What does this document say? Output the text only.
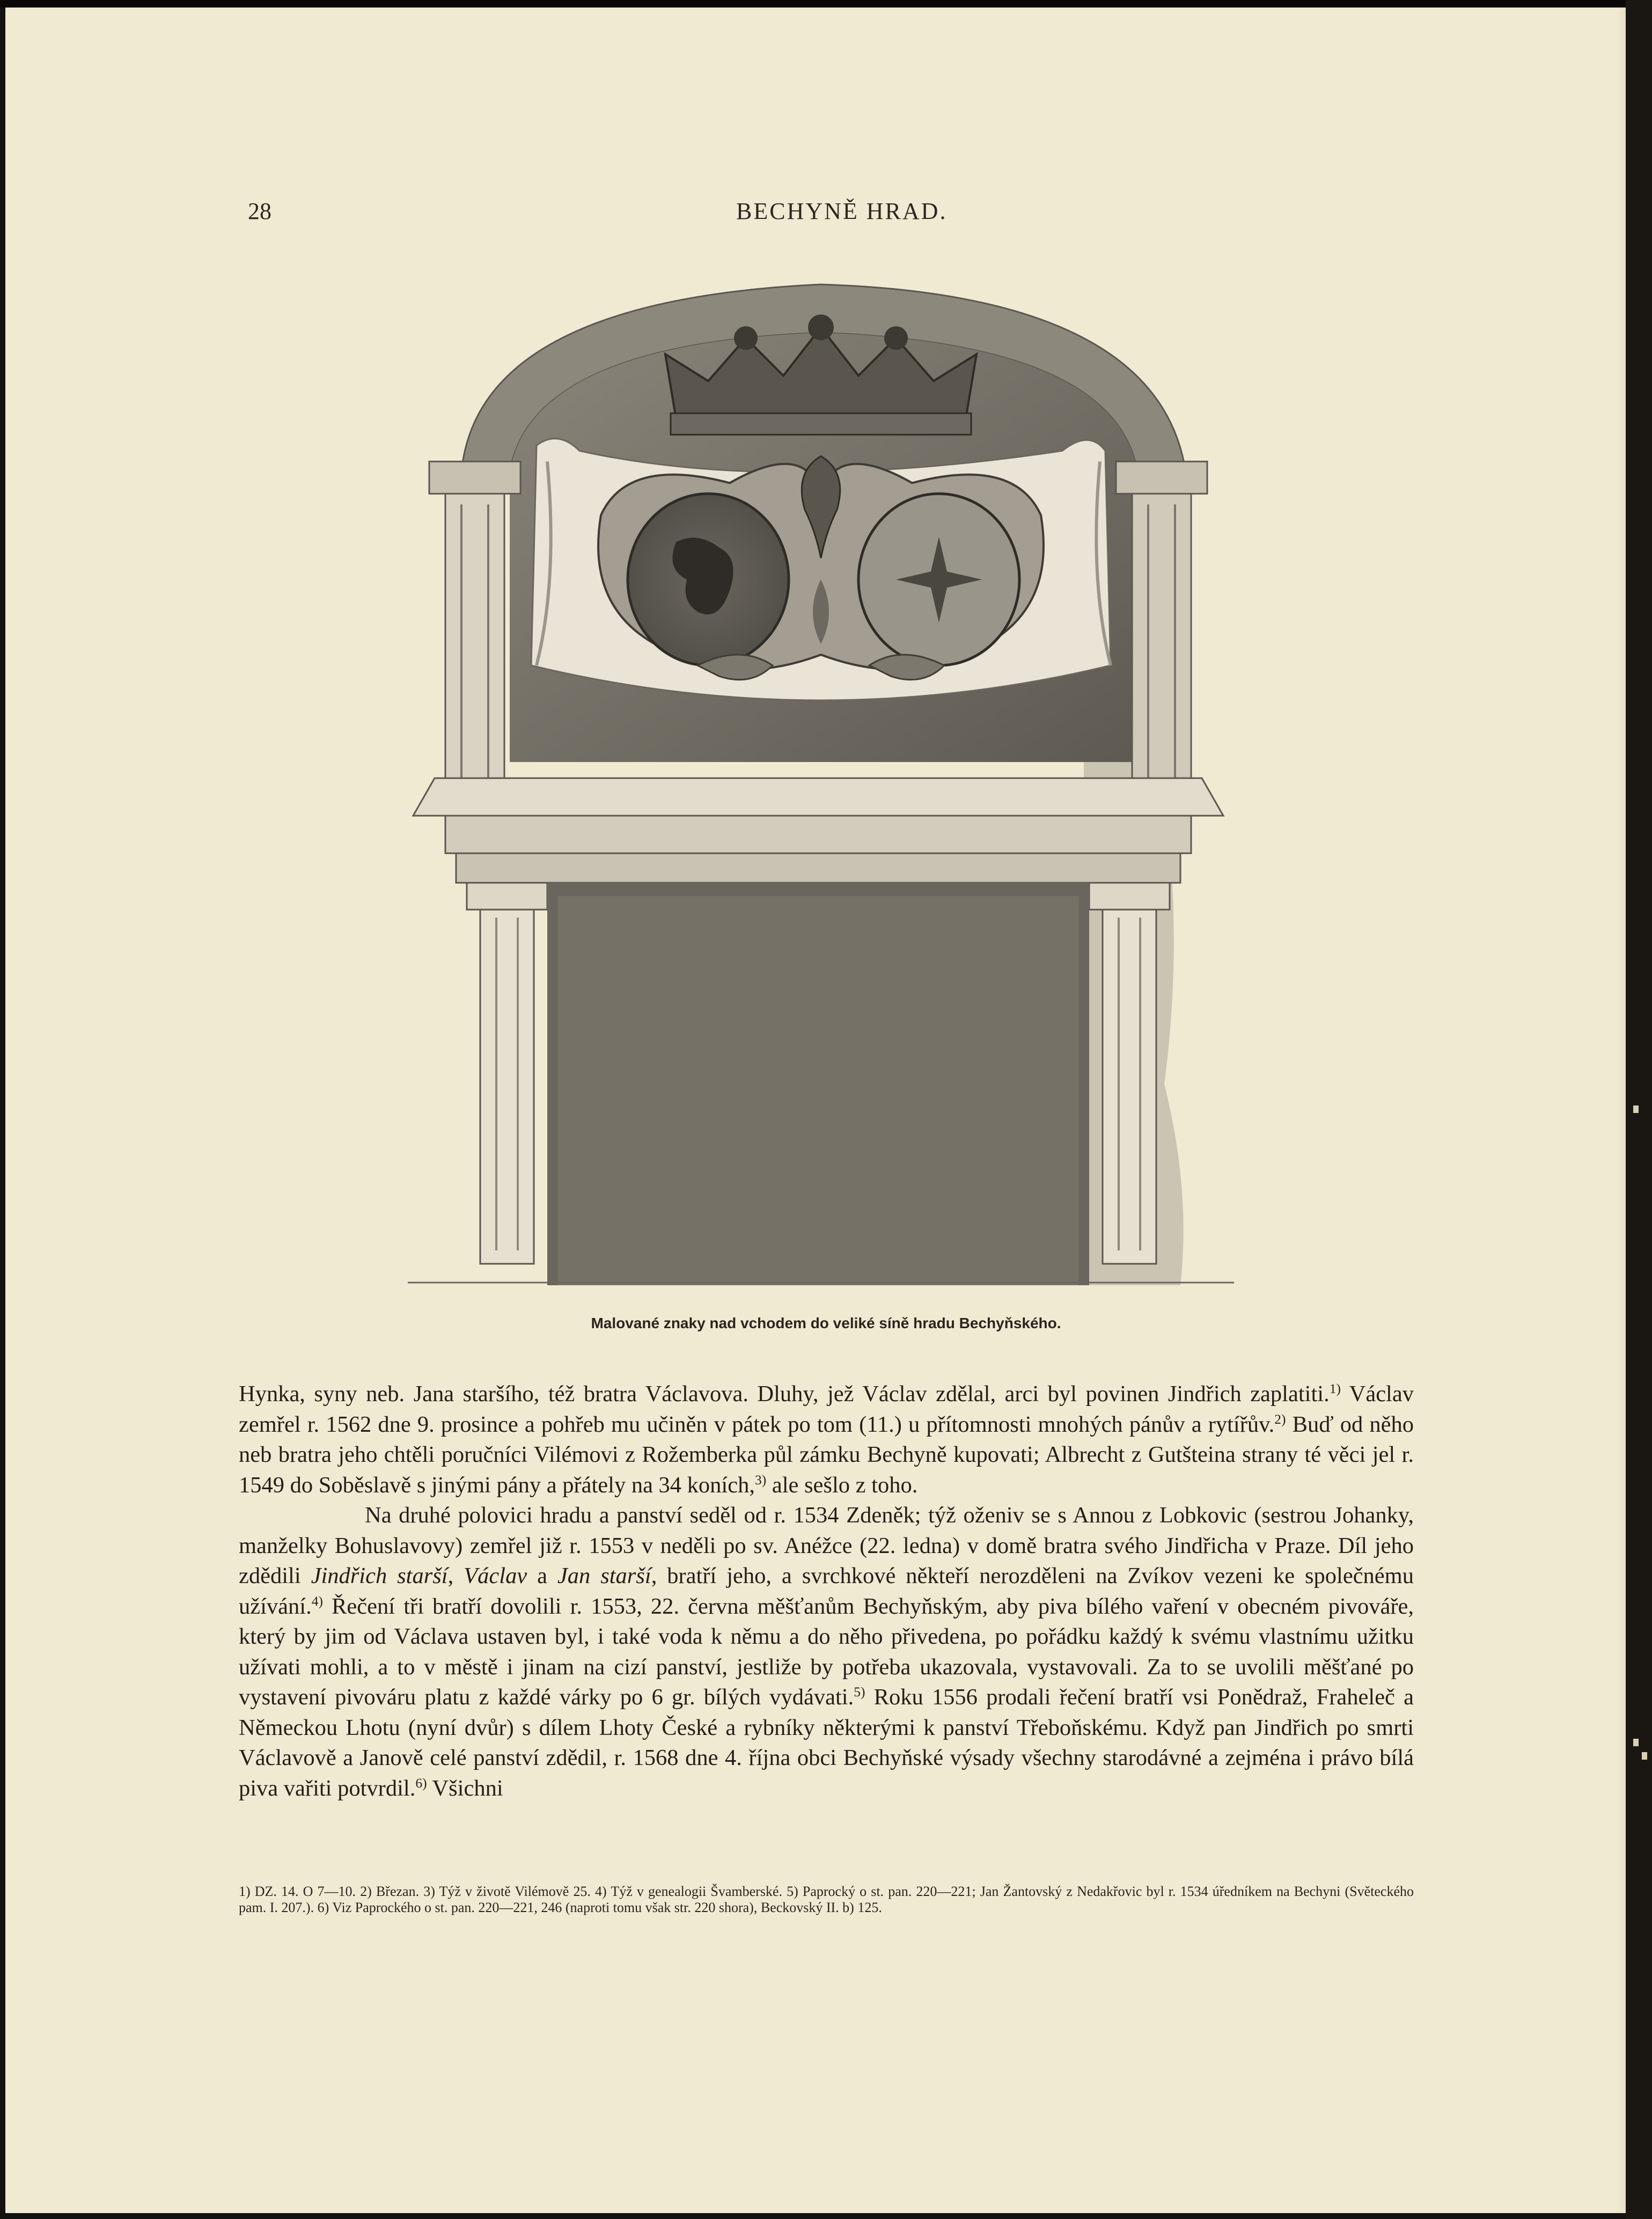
28	BECHYNĚ HRAD.
Malované znaky nad vchodem do veliké síně hradu Bechyňského.

Hynka, syny neb. Jana staršího, též bratra Václavova. Dluhy, jež Václav zdělal, arci byl povinen Jindřich zaplatiti.$^{1)}$ Václav zemřel r. 1562 dne 9. prosince a pohřeb mu učiněn v pátek po tom (11.) u přítomnosti mnohých pánův a rytířův.$^{2)}$ Buď od něho neb bratra jeho chtěli poručníci Vilémovi z Rožemberka půl zámku Bechyně kupovati; Albrecht z Gutšteina strany té věci jel r. 1549 do Soběslavě s jinými pány a přátely na 34 koních,$^{3)}$ ale sešlo z toho.

Na druhé polovici hradu a panství seděl od r. 1534 Zdeněk; týž oženiv se s Annou z Lobkovic (sestrou Johanky, manželky Bohuslavovy) zemřel již r. 1553 v neděli po sv. Anéžce (22. ledna) v domě bratra svého Jindřicha v Praze. Díl jeho zdědili Jindřich starší, Václav a Jan starší, bratří jeho, a svrchkové někteří nerozděleni na Zvíkov vezeni ke společnému užívání.$^{4)}$ Řečení tři bratří dovolili r. 1553, 22. června měšťanům Bechyňským, aby piva bílého vaření v obecném pivováře, který by jim od Václava ustaven byl, i také voda k němu a do něho přivedena, po pořádku každý k svému vlastnímu užitku užívati mohli, a to v městě i jinam na cizí panství, jestliže by potřeba ukazovala, vystavovali. Za to se uvolili měšťané po vystavení pivováru platu z každé várky po 6 gr. bílých vydávati.$^{5)}$ Roku 1556 prodali řečení bratří vsi Ponědraž, Fraheleč a Německou Lhotu (nyní dvůr) s dílem Lhoty České a rybníky některými k panství Třeboňskému. Když pan Jindřich po smrti Václavově a Janově celé panství zdědil, r. 1568 dne 4. října obci Bechyňské výsady všechny starodávné a zejména i právo bílá piva vařiti potvrdil.$^{6)}$ Všichni

1) DZ. 14. O 7—10. 2) Březan. 3) Týž v životě Vilémově 25. 4) Týž v genealogii Švamberské. 5) Paprocký o st. pan. 220—221; Jan Žantovský z Nedakřovic byl r. 1534 úředníkem na Bechyni (Světeckého pam. I. 207.). 6) Viz Paprockého o st. pan. 220—221, 246 (naproti tomu však str. 220 shora), Beckovský II. b) 125.
